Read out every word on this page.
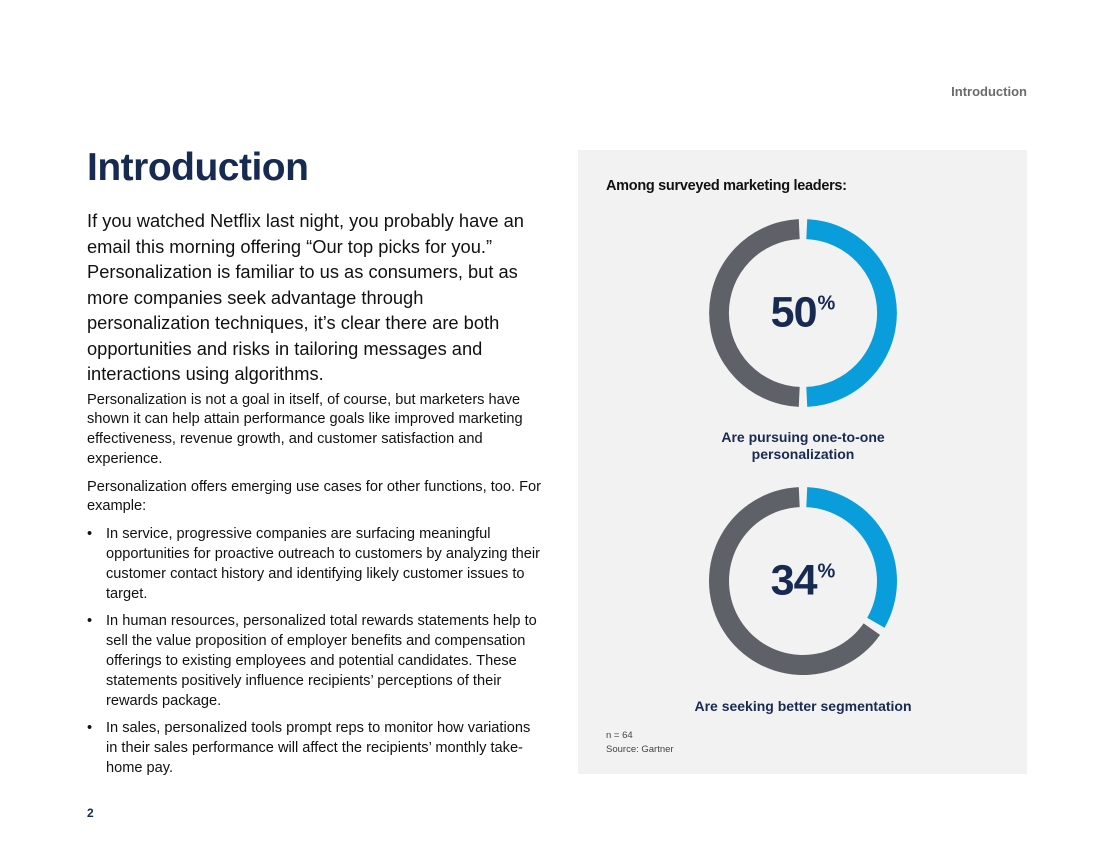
Introduction
Introduction

If you watched Netflix last night, you probably have an email this morning offering “Our top picks for you.” Personalization is familiar to us as consumers, but as more companies seek advantage through personalization techniques, it’s clear there are both opportunities and risks in tailoring messages and interactions using algorithms.

Personalization is not a goal in itself, of course, but marketers have shown it can help attain performance goals like improved marketing effectiveness, revenue growth, and customer satisfaction and experience.

Personalization offers emerging use cases for other functions, too. For example:

• In service, progressive companies are surfacing meaningful opportunities for proactive outreach to customers by analyzing their customer contact history and identifying likely customer issues to target.
• In human resources, personalized total rewards statements help to sell the value proposition of employer benefits and compensation offerings to existing employees and potential candidates. These statements positively influence recipients’ perceptions of their rewards package.
• In sales, personalized tools prompt reps to monitor how variations in their sales performance will affect the recipients’ monthly take-home pay.
2
Among surveyed marketing leaders:
50%
Are pursuing one-to-one personalization
34%
Are seeking better segmentation
n = 64
Source: Gartner
